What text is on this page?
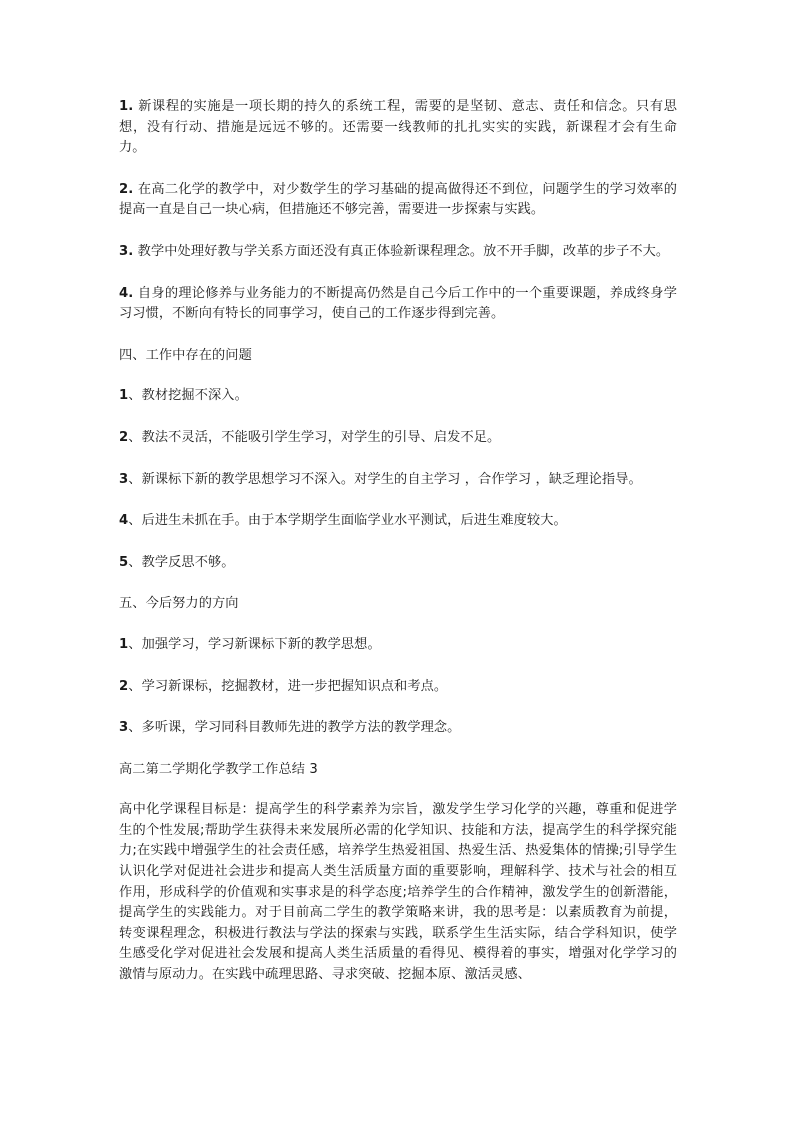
1. 新课程的实施是一项长期的持久的系统工程，需要的是坚韧、意志、责任和信念。只有思想，没有行动、措施是远远不够的。还需要一线教师的扎扎实实的实践，新课程才会有生命力。

2. 在高二化学的教学中，对少数学生的学习基础的提高做得还不到位，问题学生的学习效率的提高一直是自己一块心病，但措施还不够完善，需要进一步探索与实践。

3. 教学中处理好教与学关系方面还没有真正体验新课程理念。放不开手脚，改革的步子不大。

4. 自身的理论修养与业务能力的不断提高仍然是自己今后工作中的一个重要课题，养成终身学习习惯，不断向有特长的同事学习，使自己的工作逐步得到完善。

四、工作中存在的问题

1、教材挖掘不深入。

2、教法不灵活，不能吸引学生学习，对学生的引导、启发不足。

3、新课标下新的教学思想学习不深入。对学生的自主学习 ，合作学习 ，缺乏理论指导。

4、后进生未抓在手。由于本学期学生面临学业水平测试，后进生难度较大。

5、教学反思不够。

五、今后努力的方向

1、加强学习，学习新课标下新的教学思想。

2、学习新课标，挖掘教材，进一步把握知识点和考点。

3、多听课，学习同科目教师先进的教学方法的教学理念。

高二第二学期化学教学工作总结 3

高中化学课程目标是：提高学生的科学素养为宗旨，激发学生学习化学的兴趣，尊重和促进学生的个性发展;帮助学生获得未来发展所必需的化学知识、技能和方法，提高学生的科学探究能力;在实践中增强学生的社会责任感，培养学生热爱祖国、热爱生活、热爱集体的情操;引导学生认识化学对促进社会进步和提高人类生活质量方面的重要影响，理解科学、技术与社会的相互作用，形成科学的价值观和实事求是的科学态度;培养学生的合作精神，激发学生的创新潜能，提高学生的实践能力。对于目前高二学生的教学策略来讲，我的思考是：以素质教育为前提，转变课程理念，积极进行教法与学法的探索与实践，联系学生生活实际，结合学科知识，使学生感受化学对促进社会发展和提高人类生活质量的看得见、模得着的事实，增强对化学学习的激情与原动力。在实践中疏理思路、寻求突破、挖掘本原、激活灵感、
